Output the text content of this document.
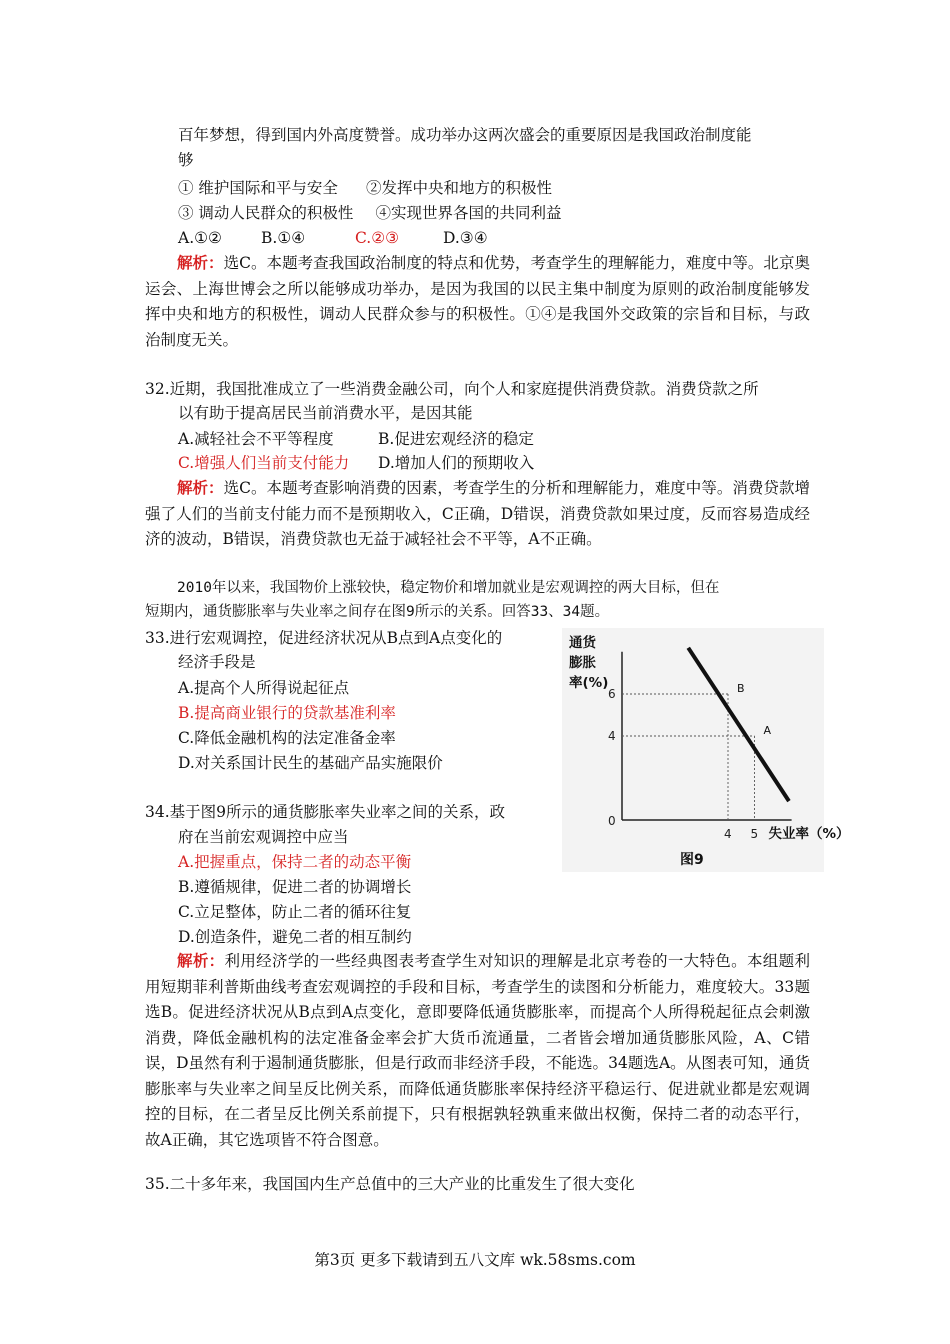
百年梦想，得到国内外高度赞誉。成功举办这两次盛会的重要原因是我国政治制度能
够
① 维护国际和平与安全 ②发挥中央和地方的积极性
③ 调动人民群众的积极性 ④实现世界各国的共同利益
A.①②	B.①④	C.②③	D.③④
解析：选C。本题考查我国政治制度的特点和优势，考查学生的理解能力，难度中等。北京奥运会、上海世博会之所以能够成功举办，是因为我国的以民主集中制度为原则的政治制度能够发挥中央和地方的积极性，调动人民群众参与的积极性。①④是我国外交政策的宗旨和目标，与政治制度无关。
32.近期，我国批准成立了一些消费金融公司，向个人和家庭提供消费贷款。消费贷款之所
以有助于提高居民当前消费水平，是因其能
A.减轻社会不平等程度	B.促进宏观经济的稳定
C.增强人们当前支付能力 D.增加人们的预期收入
解析：选C。本题考查影响消费的因素，考查学生的分析和理解能力，难度中等。消费贷款增强了人们的当前支付能力而不是预期收入，C正确，D错误，消费贷款如果过度，反而容易造成经济的波动，B错误，消费贷款也无益于减轻社会不平等，A不正确。
2010年以来，我国物价上涨较快，稳定物价和增加就业是宏观调控的两大目标，但在
短期内，通货膨胀率与失业率之间存在图9所示的关系。回答33、34题。
33.进行宏观调控，促进经济状况从B点到A点变化的
经济手段是
A.提高个人所得说起征点
B.提高商业银行的贷款基准利率
C.降低金融机构的法定准备金率
D.对关系国计民生的基础产品实施限价
34.基于图9所示的通货膨胀率失业率之间的关系，政
府在当前宏观调控中应当
A.把握重点，保持二者的动态平衡
B.遵循规律，促进二者的协调增长
C.立足整体，防止二者的循环往复
D.创造条件，避免二者的相互制约
解析：利用经济学的一些经典图表考查学生对知识的理解是北京考卷的一大特色。本组题利用短期菲利普斯曲线考查宏观调控的手段和目标，考查学生的读图和分析能力，难度较大。33题选B。促进经济状况从B点到A点变化，意即要降低通货膨胀率，而提高个人所得税起征点会刺激消费，降低金融机构的法定准备金率会扩大货币流通量，二者皆会增加通货膨胀风险，A、C错误，D虽然有利于遏制通货膨胀，但是行政而非经济手段，不能选。34题选A。从图表可知，通货膨胀率与失业率之间呈反比例关系，而降低通货膨胀率保持经济平稳运行、促进就业都是宏观调控的目标，在二者呈反比例关系前提下，只有根据孰轻孰重来做出权衡，保持二者的动态平行，故A正确，其它选项皆不符合图意。
35.二十多年来，我国国内生产总值中的三大产业的比重发生了很大变化
通货
膨胀
率(%)
0
4
6
4 5 失业率（%）
B
A
图9
第3页 更多下载请到五八文库 wk.58sms.com
